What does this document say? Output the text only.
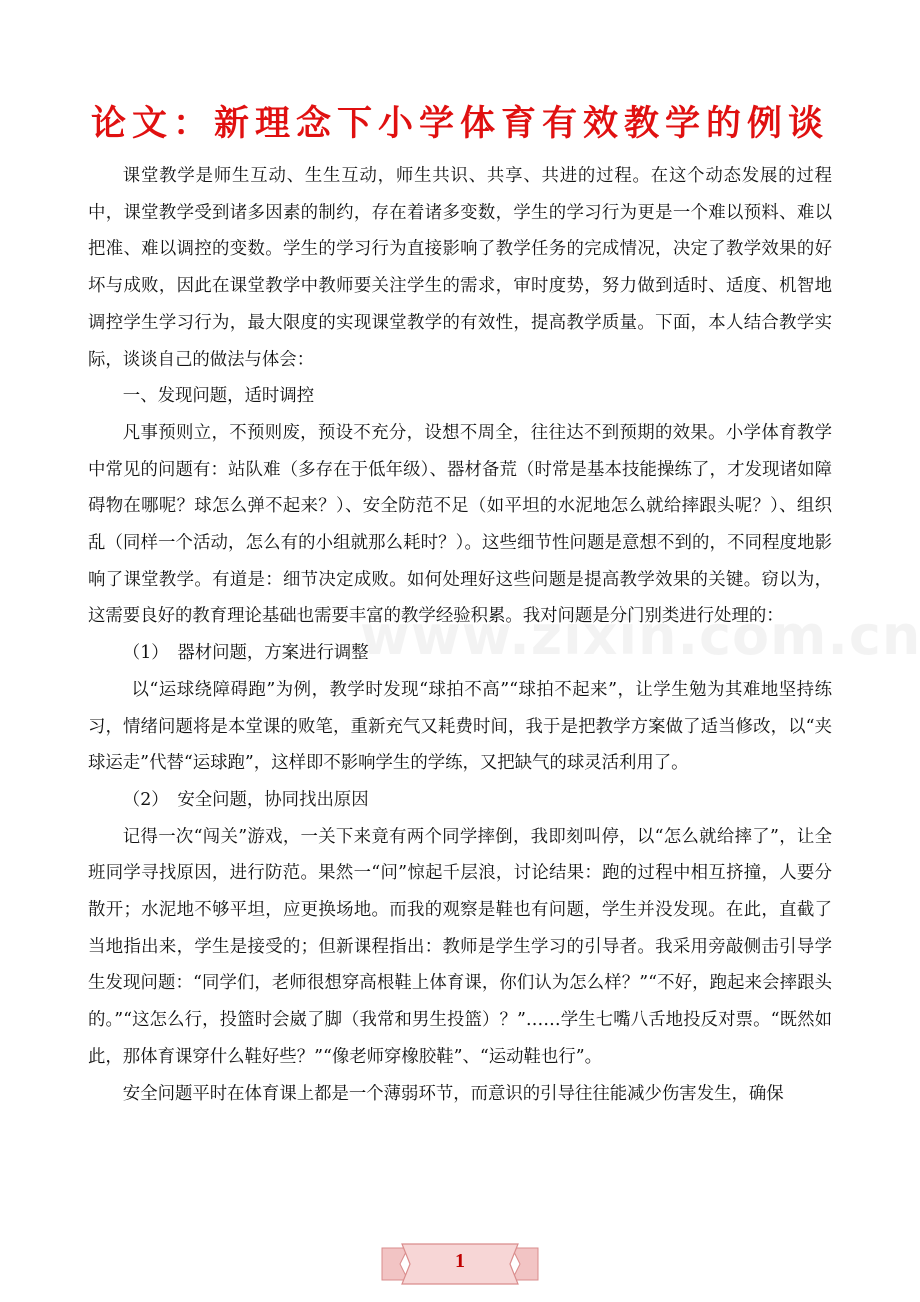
论文：新理念下小学体育有效教学的例谈

课堂教学是师生互动、生生互动，师生共识、共享、共进的过程。在这个动态发展的过程中，课堂教学受到诸多因素的制约，存在着诸多变数，学生的学习行为更是一个难以预料、难以把准、难以调控的变数。学生的学习行为直接影响了教学任务的完成情况，决定了教学效果的好坏与成败，因此在课堂教学中教师要关注学生的需求，审时度势，努力做到适时、适度、机智地调控学生学习行为，最大限度的实现课堂教学的有效性，提高教学质量。下面，本人结合教学实际，谈谈自己的做法与体会：

一、发现问题，适时调控

凡事预则立，不预则废，预设不充分，设想不周全，往往达不到预期的效果。小学体育教学中常见的问题有：站队难（多存在于低年级）、器材备荒（时常是基本技能操练了，才发现诸如障碍物在哪呢？球怎么弹不起来？）、安全防范不足（如平坦的水泥地怎么就给摔跟头呢？）、组织乱（同样一个活动，怎么有的小组就那么耗时？）。这些细节性问题是意想不到的，不同程度地影响了课堂教学。有道是：细节决定成败。如何处理好这些问题是提高教学效果的关键。窃以为，这需要良好的教育理论基础也需要丰富的教学经验积累。我对问题是分门别类进行处理的：

（1）　器材问题，方案进行调整

以“运球绕障碍跑”为例，教学时发现“球拍不高”“球拍不起来”，让学生勉为其难地坚持练习，情绪问题将是本堂课的败笔，重新充气又耗费时间，我于是把教学方案做了适当修改，以“夹球运走”代替“运球跑”，这样即不影响学生的学练，又把缺气的球灵活利用了。

（2）　安全问题，协同找出原因

记得一次“闯关”游戏，一关下来竟有两个同学摔倒，我即刻叫停，以“怎么就给摔了”，让全班同学寻找原因，进行防范。果然一“问”惊起千层浪，讨论结果：跑的过程中相互挤撞，人要分散开；水泥地不够平坦，应更换场地。而我的观察是鞋也有问题，学生并没发现。在此，直截了当地指出来，学生是接受的；但新课程指出：教师是学生学习的引导者。我采用旁敲侧击引导学生发现问题：“同学们，老师很想穿高根鞋上体育课，你们认为怎么样？”“不好，跑起来会摔跟头的。”“这怎么行，投篮时会崴了脚（我常和男生投篮）？”……学生七嘴八舌地投反对票。“既然如此，那体育课穿什么鞋好些？”“像老师穿橡胶鞋”、“运动鞋也行”。

安全问题平时在体育课上都是一个薄弱环节，而意识的引导往往能减少伤害发生，确保

1
